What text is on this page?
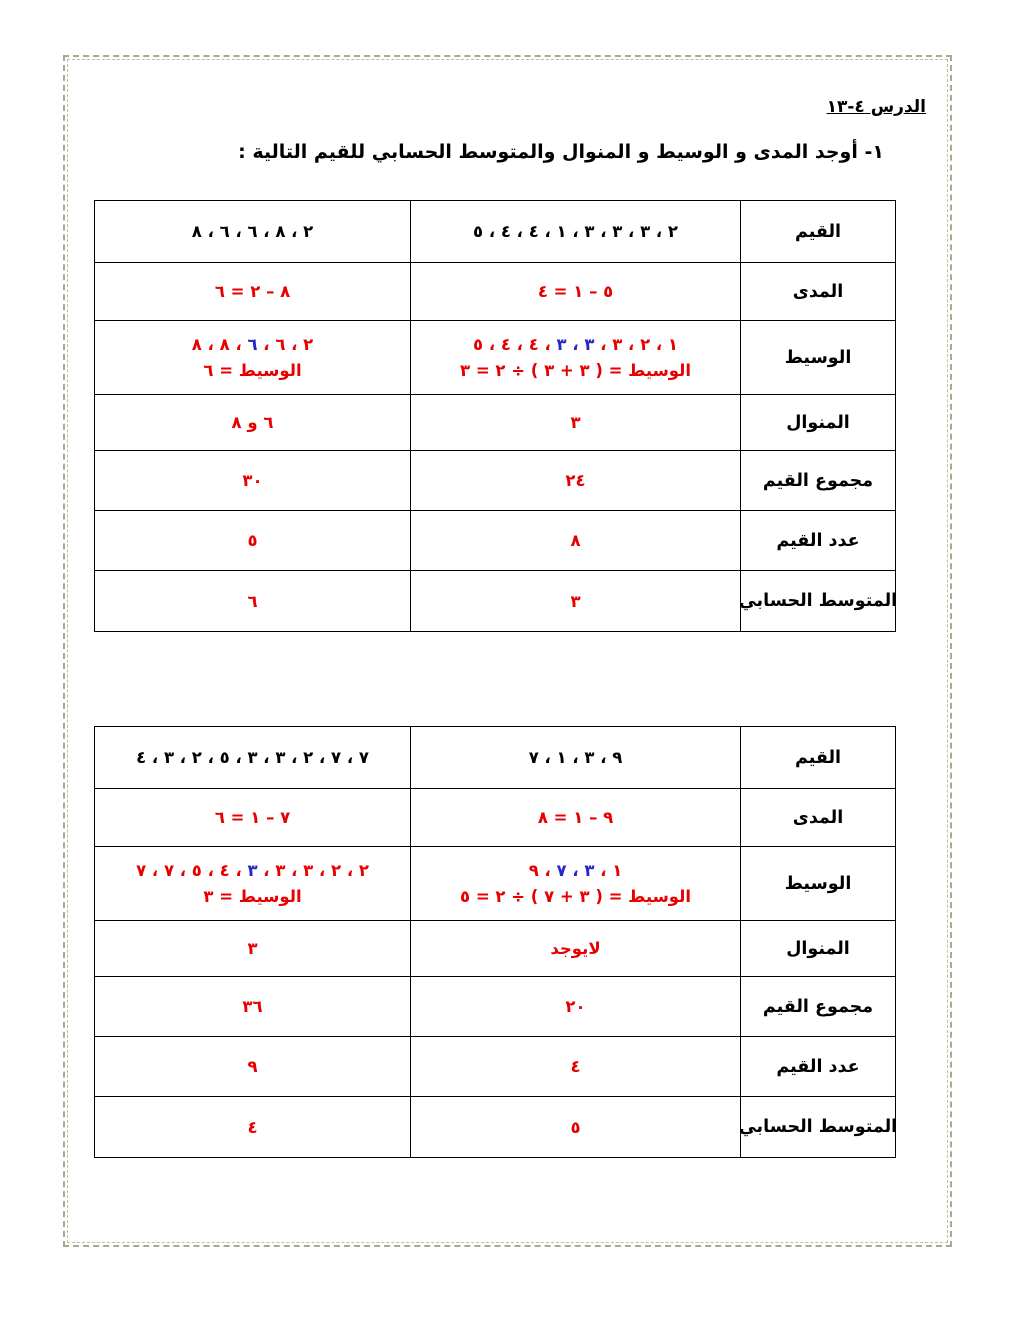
الدرس ٤-١٣
١- أوجد المدى و الوسيط و المنوال والمتوسط الحسابي للقيم التالية :
القيم
٢ ، ٣ ، ٣ ، ٣ ، ١ ، ٤ ، ٤ ، ٥
٢ ، ٨ ، ٦ ، ٦ ، ٨
المدى
٥ – ١ = ٤
٨ – ٢ = ٦
الوسيط
١ ، ٢ ، ٣ ، ٣ ، ٣ ، ٤ ، ٤ ، ٥
الوسيط = ( ٣ + ٣ ) ÷ ٢ = ٣
٢ ، ٦ ، ٦ ، ٨ ، ٨
الوسيط = ٦
المنوال
٣
٦ و ٨
مجموع القيم
٢٤
٣٠
عدد القيم
٨
٥
المتوسط الحسابي
٣
٦
القيم
٩ ، ٣ ، ١ ، ٧
٧ ، ٧ ، ٢ ، ٣ ، ٣ ، ٥ ، ٢ ، ٣ ، ٤
المدى
٩ – ١ = ٨
٧ – ١ = ٦
الوسيط
١ ، ٣ ، ٧ ، ٩
الوسيط = ( ٣ + ٧ ) ÷ ٢ = ٥
٢ ، ٢ ، ٣ ، ٣ ، ٣ ، ٤ ، ٥ ، ٧ ، ٧
الوسيط = ٣
المنوال
لايوجد
٣
مجموع القيم
٢٠
٣٦
عدد القيم
٤
٩
المتوسط الحسابي
٥
٤
